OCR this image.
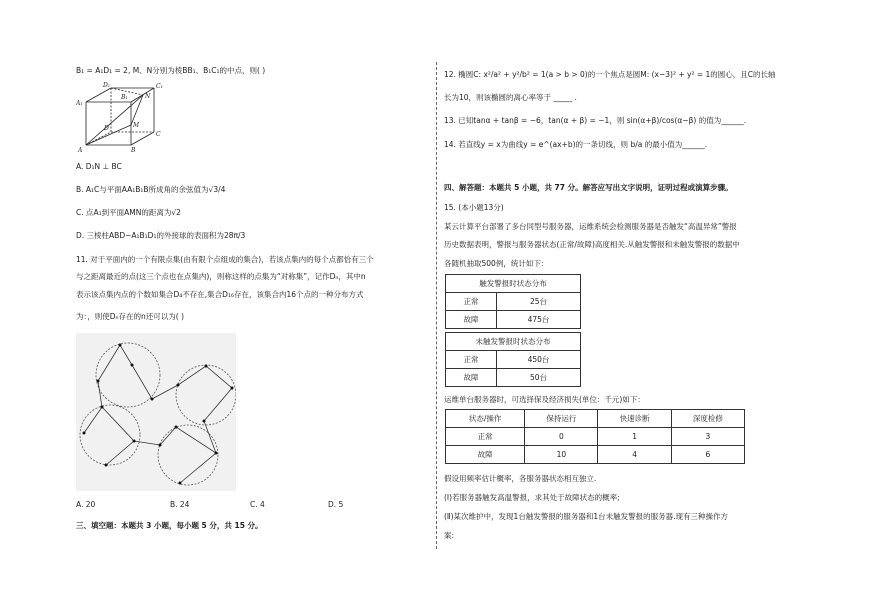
B₁ = A₁D₁ = 2, M、N分别为棱BB₁、B₁C₁的中点，则( )
A₁
D₁
B₁
C₁
N
M
A
D
B
C
A. D₁N ⊥ BC
B. A₁C与平面AA₁B₁B所成角的余弦值为√3/4
C. 点A₁到平面AMN的距离为√2
D. 三棱柱ABD−A₁B₁D₁的外接球的表面积为28π/3
11. 对于平面内的一个有限点集(由有限个点组成的集合)，若该点集内的每个点都恰有三个
与之距离最近的点(这三个点也在点集内)，则称这样的点集为“对称集”，记作Dₙ，其中n
表示该点集内点的个数如集合D₄不存在,集合D₁₆存在，该集合内16个点的一种分布方式
为：，则使Dₙ存在的n还可以为( )
A. 20	B. 24	C. 4	D. 5
三、填空题：本题共 3 小题，每小题 5 分，共 15 分。
12. 椭圆C: x²/a² + y²/b² = 1(a > b > 0)的一个焦点是圆M: (x−3)² + y² = 1的圆心，且C的长轴
长为10，则该椭圆的离心率等于 _____ .
13. 已知tanα + tanβ = −6，tan(α + β) = −1，则 sin(α+β)/cos(α−β) 的值为______.
14. 若直线y = x为曲线y = e^(ax+b)的一条切线，则 b/a 的最小值为______.
四、解答题：本题共 5 小题，共 77 分。解答应写出文字说明，证明过程或演算步骤。
15. (本小题13分)
某云计算平台部署了多台同型号服务器，运维系统会检测服务器是否触发“高温异常”警报
历史数据表明，警报与服务器状态(正常/故障)高度相关.从触发警报和未触发警报的数据中
各随机抽取500例，统计如下：
触发警报时状态分布	
正常	25台
故障	475台
未触发警报时状态分布	
正常	450台
故障	50台
运维单台服务器时，可选择保及经济损失(单位：千元)如下：
状态/操作	保持运行	快速诊断	深度检修
正常	0	1	3
故障	10	4	6
假设用频率估计概率，各服务器状态相互独立.
(Ⅰ)若服务器触发高温警报，求其处于故障状态的概率;
(Ⅱ)某次维护中，发现1台触发警报的服务器和1台未触发警报的服务器.现有三种操作方
案:
